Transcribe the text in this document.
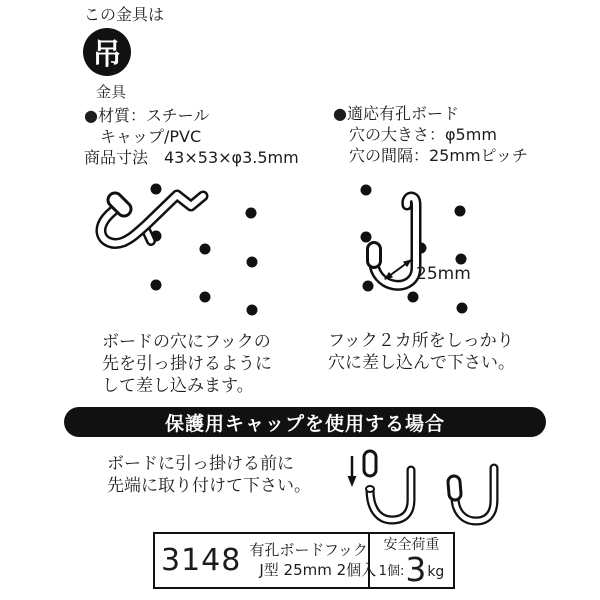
この金具は
吊
金具
●材質：スチール
キャップ/PVC
商品寸法　43×53×φ3.5mm
●適応有孔ボード
穴の大きさ：φ5mm
穴の間隔：25mmピッチ
25mm
ボードの穴にフックの
先を引っ掛けるように
して差し込みます。
フック２カ所をしっかり
穴に差し込んで下さい。
保護用キャップを使用する場合
ボードに引っ掛ける前に
先端に取り付けて下さい。
3148 有孔ボードフック
J型 25mm 2個入
安全荷重
1個: 3 kg
